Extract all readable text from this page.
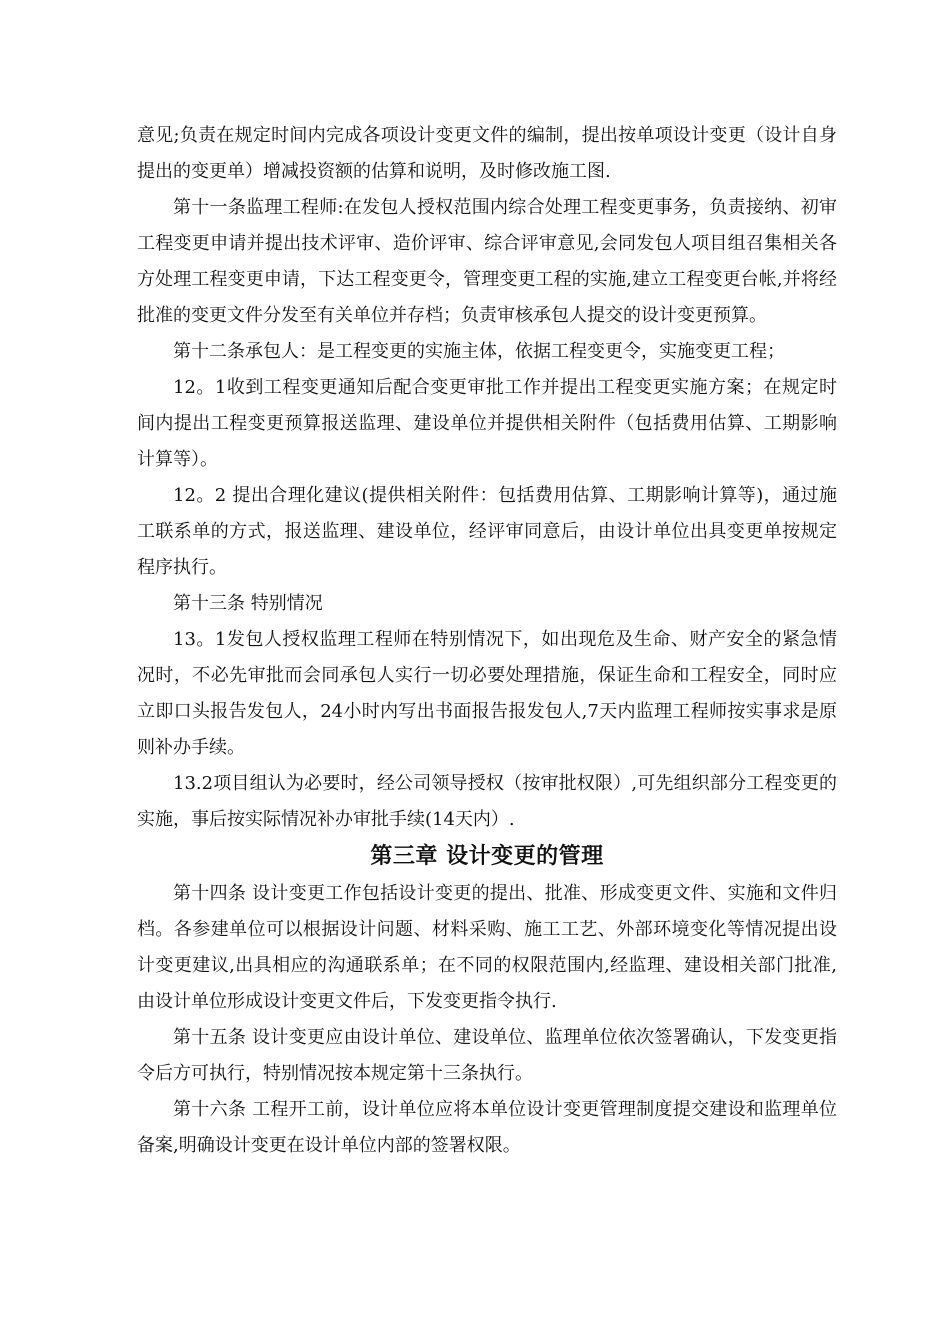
意见;负责在规定时间内完成各项设计变更文件的编制，提出按单项设计变更（设计自身提出的变更单）增减投资额的估算和说明，及时修改施工图.

第十一条监理工程师:在发包人授权范围内综合处理工程变更事务，负责接纳、初审工程变更申请并提出技术评审、造价评审、综合评审意见,会同发包人项目组召集相关各方处理工程变更申请，下达工程变更令，管理变更工程的实施,建立工程变更台帐,并将经批准的变更文件分发至有关单位并存档；负责审核承包人提交的设计变更预算。

第十二条承包人：是工程变更的实施主体，依据工程变更令，实施变更工程；

12。1收到工程变更通知后配合变更审批工作并提出工程变更实施方案；在规定时间内提出工程变更预算报送监理、建设单位并提供相关附件（包括费用估算、工期影响计算等）。

12。2 提出合理化建议(提供相关附件：包括费用估算、工期影响计算等)，通过施工联系单的方式，报送监理、建设单位，经评审同意后，由设计单位出具变更单按规定程序执行。

第十三条 特别情况

13。1发包人授权监理工程师在特别情况下，如出现危及生命、财产安全的紧急情况时，不必先审批而会同承包人实行一切必要处理措施，保证生命和工程安全，同时应立即口头报告发包人，24小时内写出书面报告报发包人,7天内监理工程师按实事求是原则补办手续。

13.2项目组认为必要时，经公司领导授权（按审批权限）,可先组织部分工程变更的实施，事后按实际情况补办审批手续(14天内）.

第三章 设计变更的管理

第十四条 设计变更工作包括设计变更的提出、批准、形成变更文件、实施和文件归档。各参建单位可以根据设计问题、材料采购、施工工艺、外部环境变化等情况提出设计变更建议,出具相应的沟通联系单；在不同的权限范围内,经监理、建设相关部门批准,由设计单位形成设计变更文件后，下发变更指令执行.

第十五条 设计变更应由设计单位、建设单位、监理单位依次签署确认，下发变更指令后方可执行，特别情况按本规定第十三条执行。

第十六条 工程开工前，设计单位应将本单位设计变更管理制度提交建设和监理单位备案,明确设计变更在设计单位内部的签署权限。
